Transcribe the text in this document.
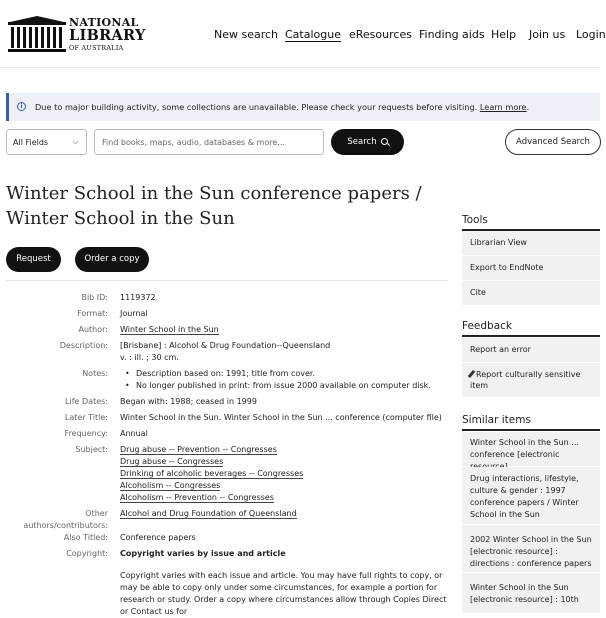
NATIONAL
LIBRARY
OF AUSTRALIA
New search Catalogue eResources Finding aids Help Join us Login
i	Due to major building activity, some collections are unavailable. Please check your requests before visiting. Learn more.
All Fields	⌵
Find books, maps, audio, databases & more...	Search	Advanced Search
Winter School in the Sun conference papers /
Winter School in the Sun
Request	Order a copy
Bib ID: 1119372
Format: Journal
Author: Winter School in the Sun
Description: [Brisbane] : Alcohol & Drug Foundation--Queensland
v. : ill. ; 30 cm.
Notes:
•	Description based on: 1991; title from cover.
• No longer published in print: from issue 2000 available on computer disk.
Life Dates: Began with: 1988; ceased in 1999
Later Title: Winter School in the Sun. Winter School in the Sun ... conference (computer file)
Frequency: Annual
Subject: Drug abuse -- Prevention -- Congresses
Drug abuse -- Congresses
Drinking of alcoholic beverages -- Congresses
Alcoholism -- Congresses
Alcoholism -- Prevention -- Congresses
Other
authors/contributors:
Alcohol and Drug Foundation of Queensland
Also Titled: Conference papers
Copyright: Copyright varies by issue and article
Copyright varies with each issue and article. You may have full rights to copy, or may be able to copy only under some circumstances, for example a portion for research or study. Order a copy where circumstances allow through Copies Direct or Contact us for
Tools
Librarian View
Export to EndNote
Cite
Feedback
Report an error
Report culturally sensitive item
Similar items
Winter School in the Sun ... conference [electronic
Drug interactions, lifestyle, culture & gender : 1997 conference papers / Winter School in the Sun
2002 Winter School in the Sun [electronic resource] : directions : conference papers
Winter School in the Sun [electronic resource] : 10th
